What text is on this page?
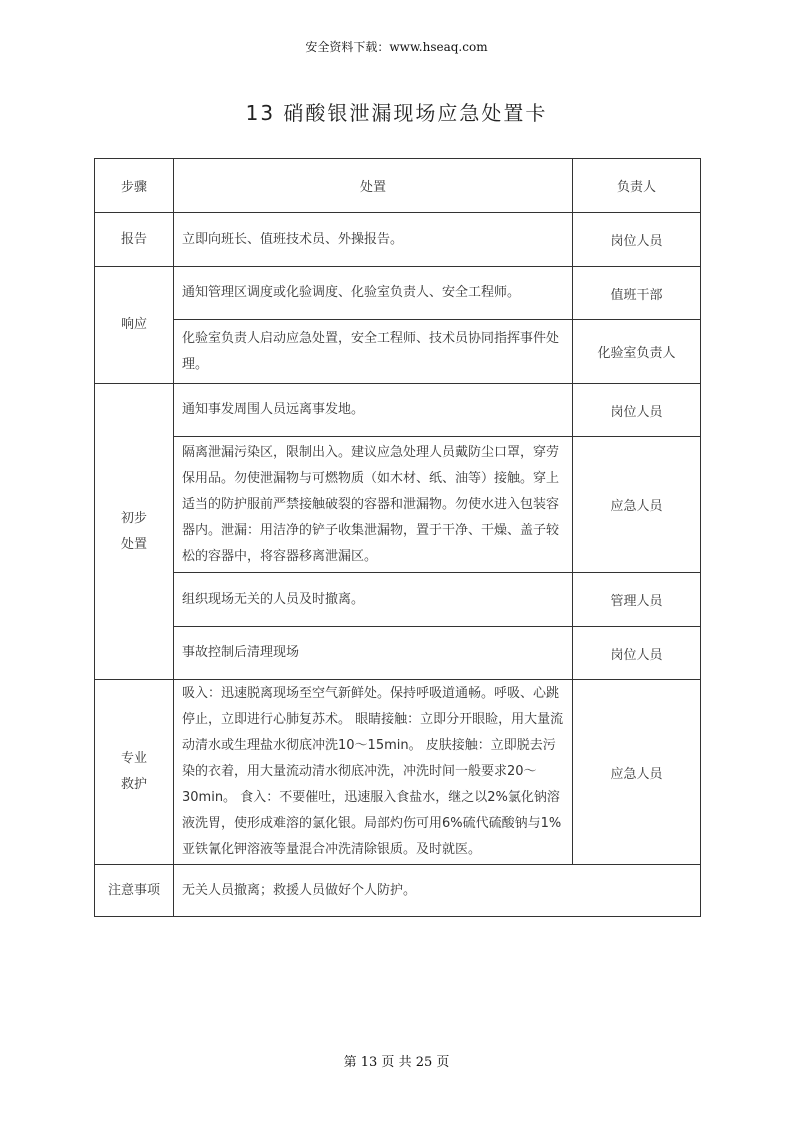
安全资料下载：www.hseaq.com
13 硝酸银泄漏现场应急处置卡
步骤	处置	负责人
报告	立即向班长、值班技术员、外操报告。	岗位人员
响应	通知管理区调度或化验调度、化验室负责人、安全工程师。	值班干部
	化验室负责人启动应急处置，安全工程师、技术员协同指挥事件处理。	化验室负责人

初步
处置	通知事发周围人员远离事发地。	岗位人员
	隔离泄漏污染区，限制出入。建议应急处理人员戴防尘口罩，穿劳保用品。勿使泄漏物与可燃物质（如木材、纸、油等）接触。穿上适当的防护服前严禁接触破裂的容器和泄漏物。勿使水进入包装容器内。泄漏：用洁净的铲子收集泄漏物，置于干净、干燥、盖子较松的容器中，将容器移离泄漏区。	应急人员
	组织现场无关的人员及时撤离。	管理人员
	事故控制后清理现场	岗位人员

专业
救护	吸入：迅速脱离现场至空气新鲜处。保持呼吸道通畅。呼吸、心跳停止，立即进行心肺复苏术。 眼睛接触：立即分开眼睑，用大量流动清水或生理盐水彻底冲洗10～15min。 皮肤接触：立即脱去污染的衣着，用大量流动清水彻底冲洗，冲洗时间一般要求20～30min。 食入：不要催吐，迅速服入食盐水，继之以2%氯化钠溶液洗胃，使形成难溶的氯化银。局部灼伤可用6%硫代硫酸钠与1%亚铁氰化钾溶液等量混合冲洗清除银质。及时就医。	应急人员
注意事项	无关人员撤离；救援人员做好个人防护。	
第 13 页 共 25 页
